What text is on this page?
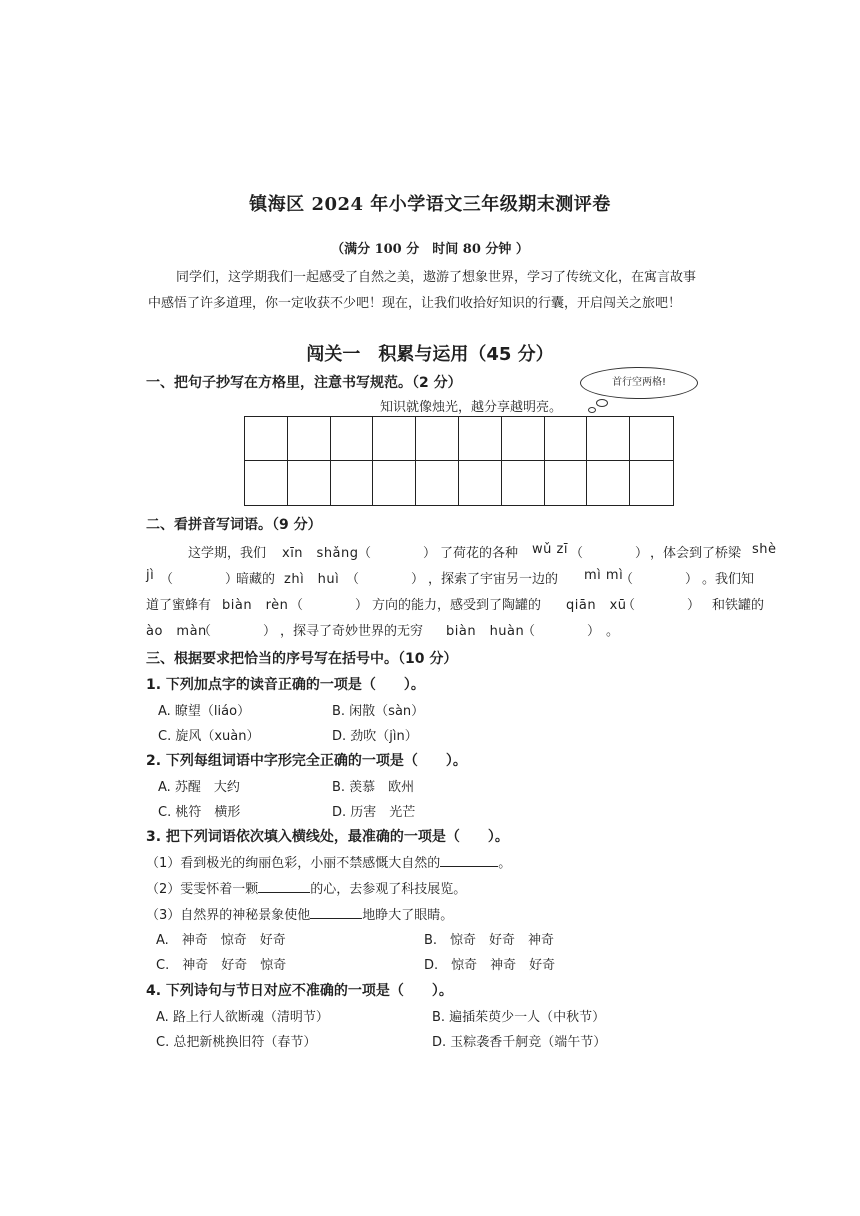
镇海区 2024 年小学语文三年级期末测评卷
（满分 100 分　时间 80 分钟 ）
同学们，这学期我们一起感受了自然之美，遨游了想象世界，学习了传统文化，在寓言故事
中感悟了许多道理，你一定收获不少吧！现在，让我们收拾好知识的行囊，开启闯关之旅吧！
闯关一　积累与运用（45 分）
一、把句子抄写在方格里，注意书写规范。（2 分）	首行空两格!
知识就像烛光，越分享越明亮。
二、看拼音写词语。（9 分）
这学期，我们 xīn　shǎng （　　　　） 了荷花的各种 wǔ zī （　　　　） ，体会到了桥梁 shè
jì （　　　　）
暗藏的 zhì　huì （　　　　） ，探索了宇宙另一边的 mì mì
（　　　　） 。我们知
道了蜜蜂有 biàn　rèn （　　　　） 方向的能力，感受到了陶罐的 qiān　xū
（　　　　） 和铁罐的
ào　màn
（　　　　） ，探寻了奇妙世界的无穷 biàn　huàn
（　　　　） 。
三、根据要求把恰当的序号写在括号中。（10 分）
1. 下列加点字的读音正确的一项是（　　）。
A. 瞭望（liáo）	B. 闲散（sàn）
C. 旋风（xuàn）	D. 劲吹（jìn）
2. 下列每组词语中字形完全正确的一项是（　　）。
A. 苏醒　大约	B. 羡慕　欧州
C. 桃符　横形	D. 历害　光芒
3. 把下列词语依次填入横线处，最准确的一项是（　　）。
（1）看到极光的绚丽色彩，小丽不禁感慨大自然的	。
（2）雯雯怀着一颗	的心，去参观了科技展览。
（3）自然界的神秘景象使他	地睁大了眼睛。
A.　神奇　惊奇　好奇	B.　惊奇　好奇　神奇
C.　神奇　好奇　惊奇	D.　惊奇　神奇　好奇
4. 下列诗句与节日对应不准确的一项是（　　）。
A. 路上行人欲断魂（清明节）	B. 遍插茱萸少一人（中秋节）
C. 总把新桃换旧符（春节）	D. 玉粽袭香千舸竞（端午节）
